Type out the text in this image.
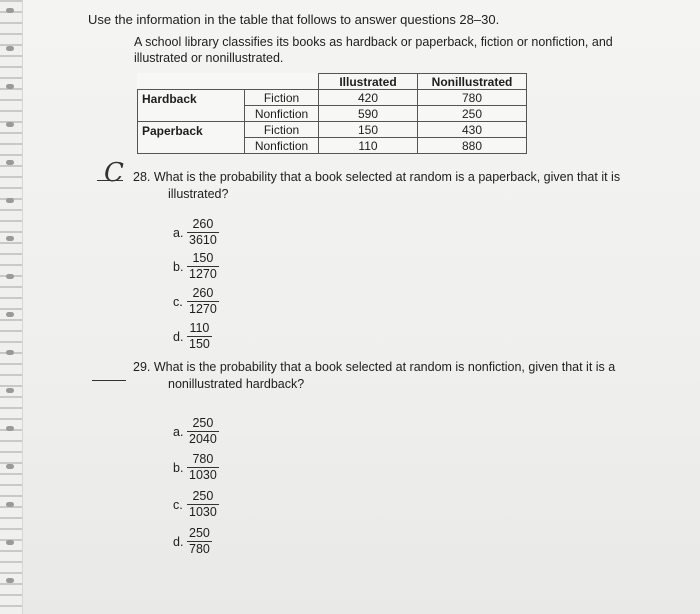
Use the information in the table that follows to answer questions 28–30.
A school library classifies its books as hardback or paperback, fiction or nonfiction, and illustrated or nonillustrated.
		Illustrated	Nonillustrated
Hardback	Fiction	420	780
	Nonfiction	590	250
Paperback	Fiction	150	430
	Nonfiction	110	880
C 28. What is the probability that a book selected at random is a paperback, given that it is
illustrated?
a. $\frac{260}{3610}$
b. $\frac{150}{1270}$
c. $\frac{260}{1270}$
d. $\frac{110}{150}$
29. What is the probability that a book selected at random is nonfiction, given that it is a
nonillustrated hardback?
a. $\frac{250}{2040}$
b. $\frac{780}{1030}$
c. $\frac{250}{1030}$
d. $\frac{250}{780}$
